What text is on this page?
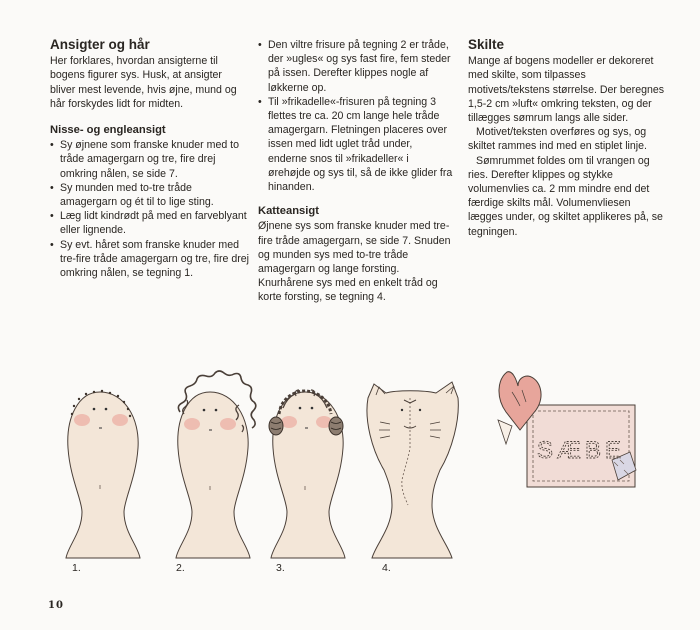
Ansigter og hår

Her forklares, hvordan ansigterne til bogens figurer sys. Husk, at ansigter bliver mest levende, hvis øjne, mund og hår forskydes lidt for midten.

Nisse- og engleansigt
• Sy øjnene som franske knuder med to tråde amagergarn og tre, fire drej omkring nålen, se side 7.
• Sy munden med to-tre tråde amagergarn og ét til to lige sting.
• Læg lidt kindrødt på med en farveblyant eller lignende.
• Sy evt. håret som franske knuder med tre-fire tråde amagergarn og tre, fire drej omkring nålen, se tegning 1.
• Den viltre frisure på tegning 2 er tråde, der »ugles« og sys fast fire, fem steder på issen. Derefter klippes nogle af løkkerne op.
• Til »frikadelle«-frisuren på tegning 3 flettes tre ca. 20 cm lange hele tråde amagergarn. Fletningen placeres over issen med lidt uglet tråd under, enderne snos til »frikadeller« i ørehøjde og sys til, så de ikke glider fra hinanden.
Katteansigt

Øjnene sys som franske knuder med tre-fire tråde amagergarn, se side 7. Snuden og munden sys med to-tre tråde amagergarn og lange forsting. Knurhårene sys med en enkelt tråd og korte forsting, se tegning 4.

Skilte

Mange af bogens modeller er dekoreret med skilte, som tilpasses motivets/tekstens størrelse. Der beregnes 1,5-2 cm »luft« omkring teksten, og der tillægges sømrum langs alle sider.

Motivet/teksten overføres og sys, og skiltet rammes ind med en stiplet linje.

Sømrummet foldes om til vrangen og ries. Derefter klippes og stykke volumenvlies ca. 2 mm mindre end det færdige skilts mål. Volumenvliesen lægges under, og skiltet applikeres på, se tegningen.

SÆBE
1.	2.	3.	4.
10
